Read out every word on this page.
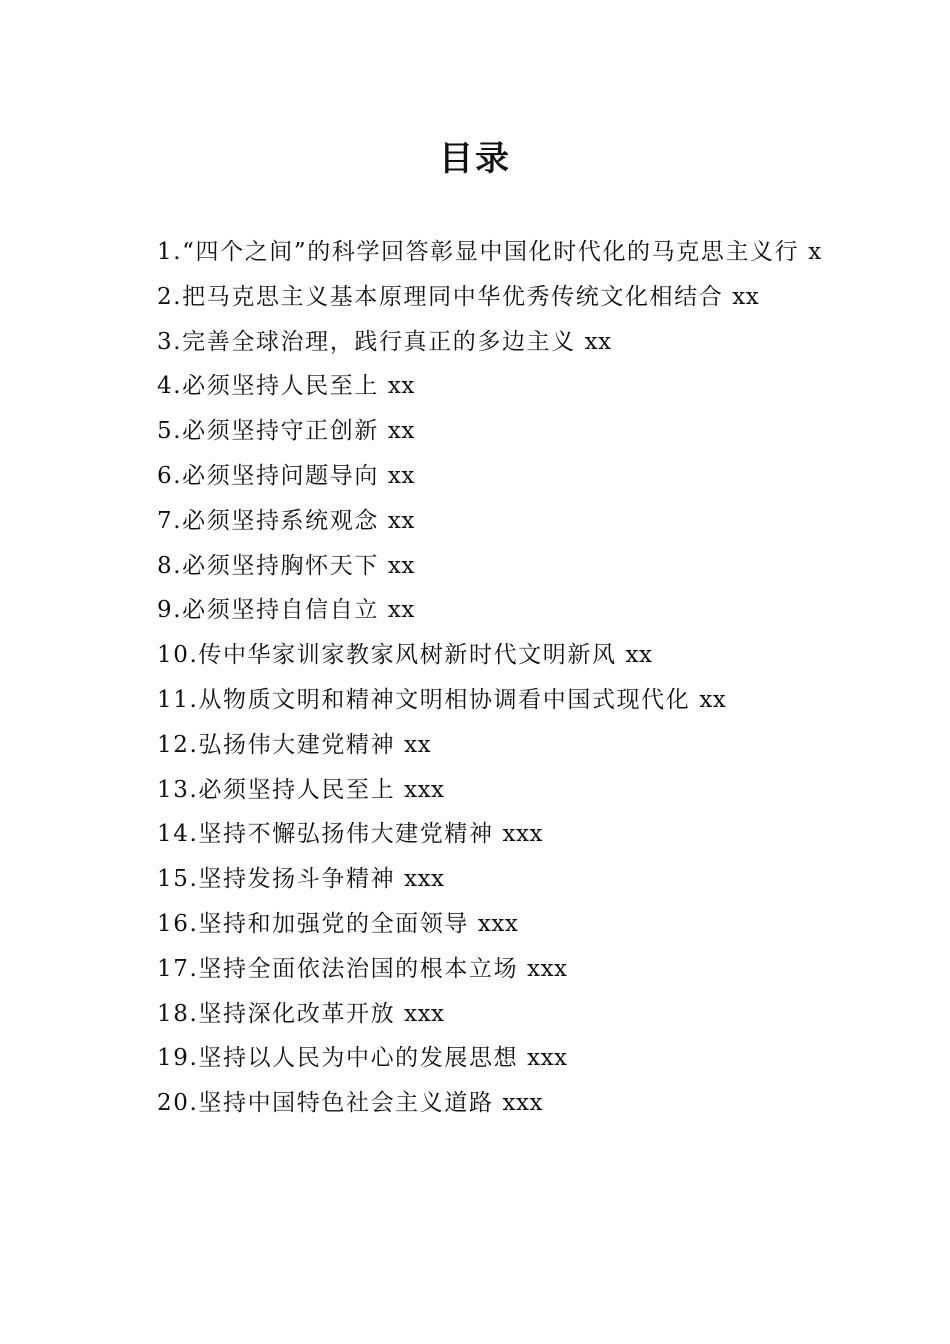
目录
1.“四个之间”的科学回答彰显中国化时代化的马克思主义行 x
2.把马克思主义基本原理同中华优秀传统文化相结合 xx
3.完善全球治理，践行真正的多边主义 xx
4.必须坚持人民至上 xx
5.必须坚持守正创新 xx
6.必须坚持问题导向 xx
7.必须坚持系统观念 xx
8.必须坚持胸怀天下 xx
9.必须坚持自信自立 xx
10.传中华家训家教家风树新时代文明新风 xx
11.从物质文明和精神文明相协调看中国式现代化 xx
12.弘扬伟大建党精神 xx
13.必须坚持人民至上 xxx
14.坚持不懈弘扬伟大建党精神 xxx
15.坚持发扬斗争精神 xxx
16.坚持和加强党的全面领导 xxx
17.坚持全面依法治国的根本立场 xxx
18.坚持深化改革开放 xxx
19.坚持以人民为中心的发展思想 xxx
20.坚持中国特色社会主义道路 xxx
